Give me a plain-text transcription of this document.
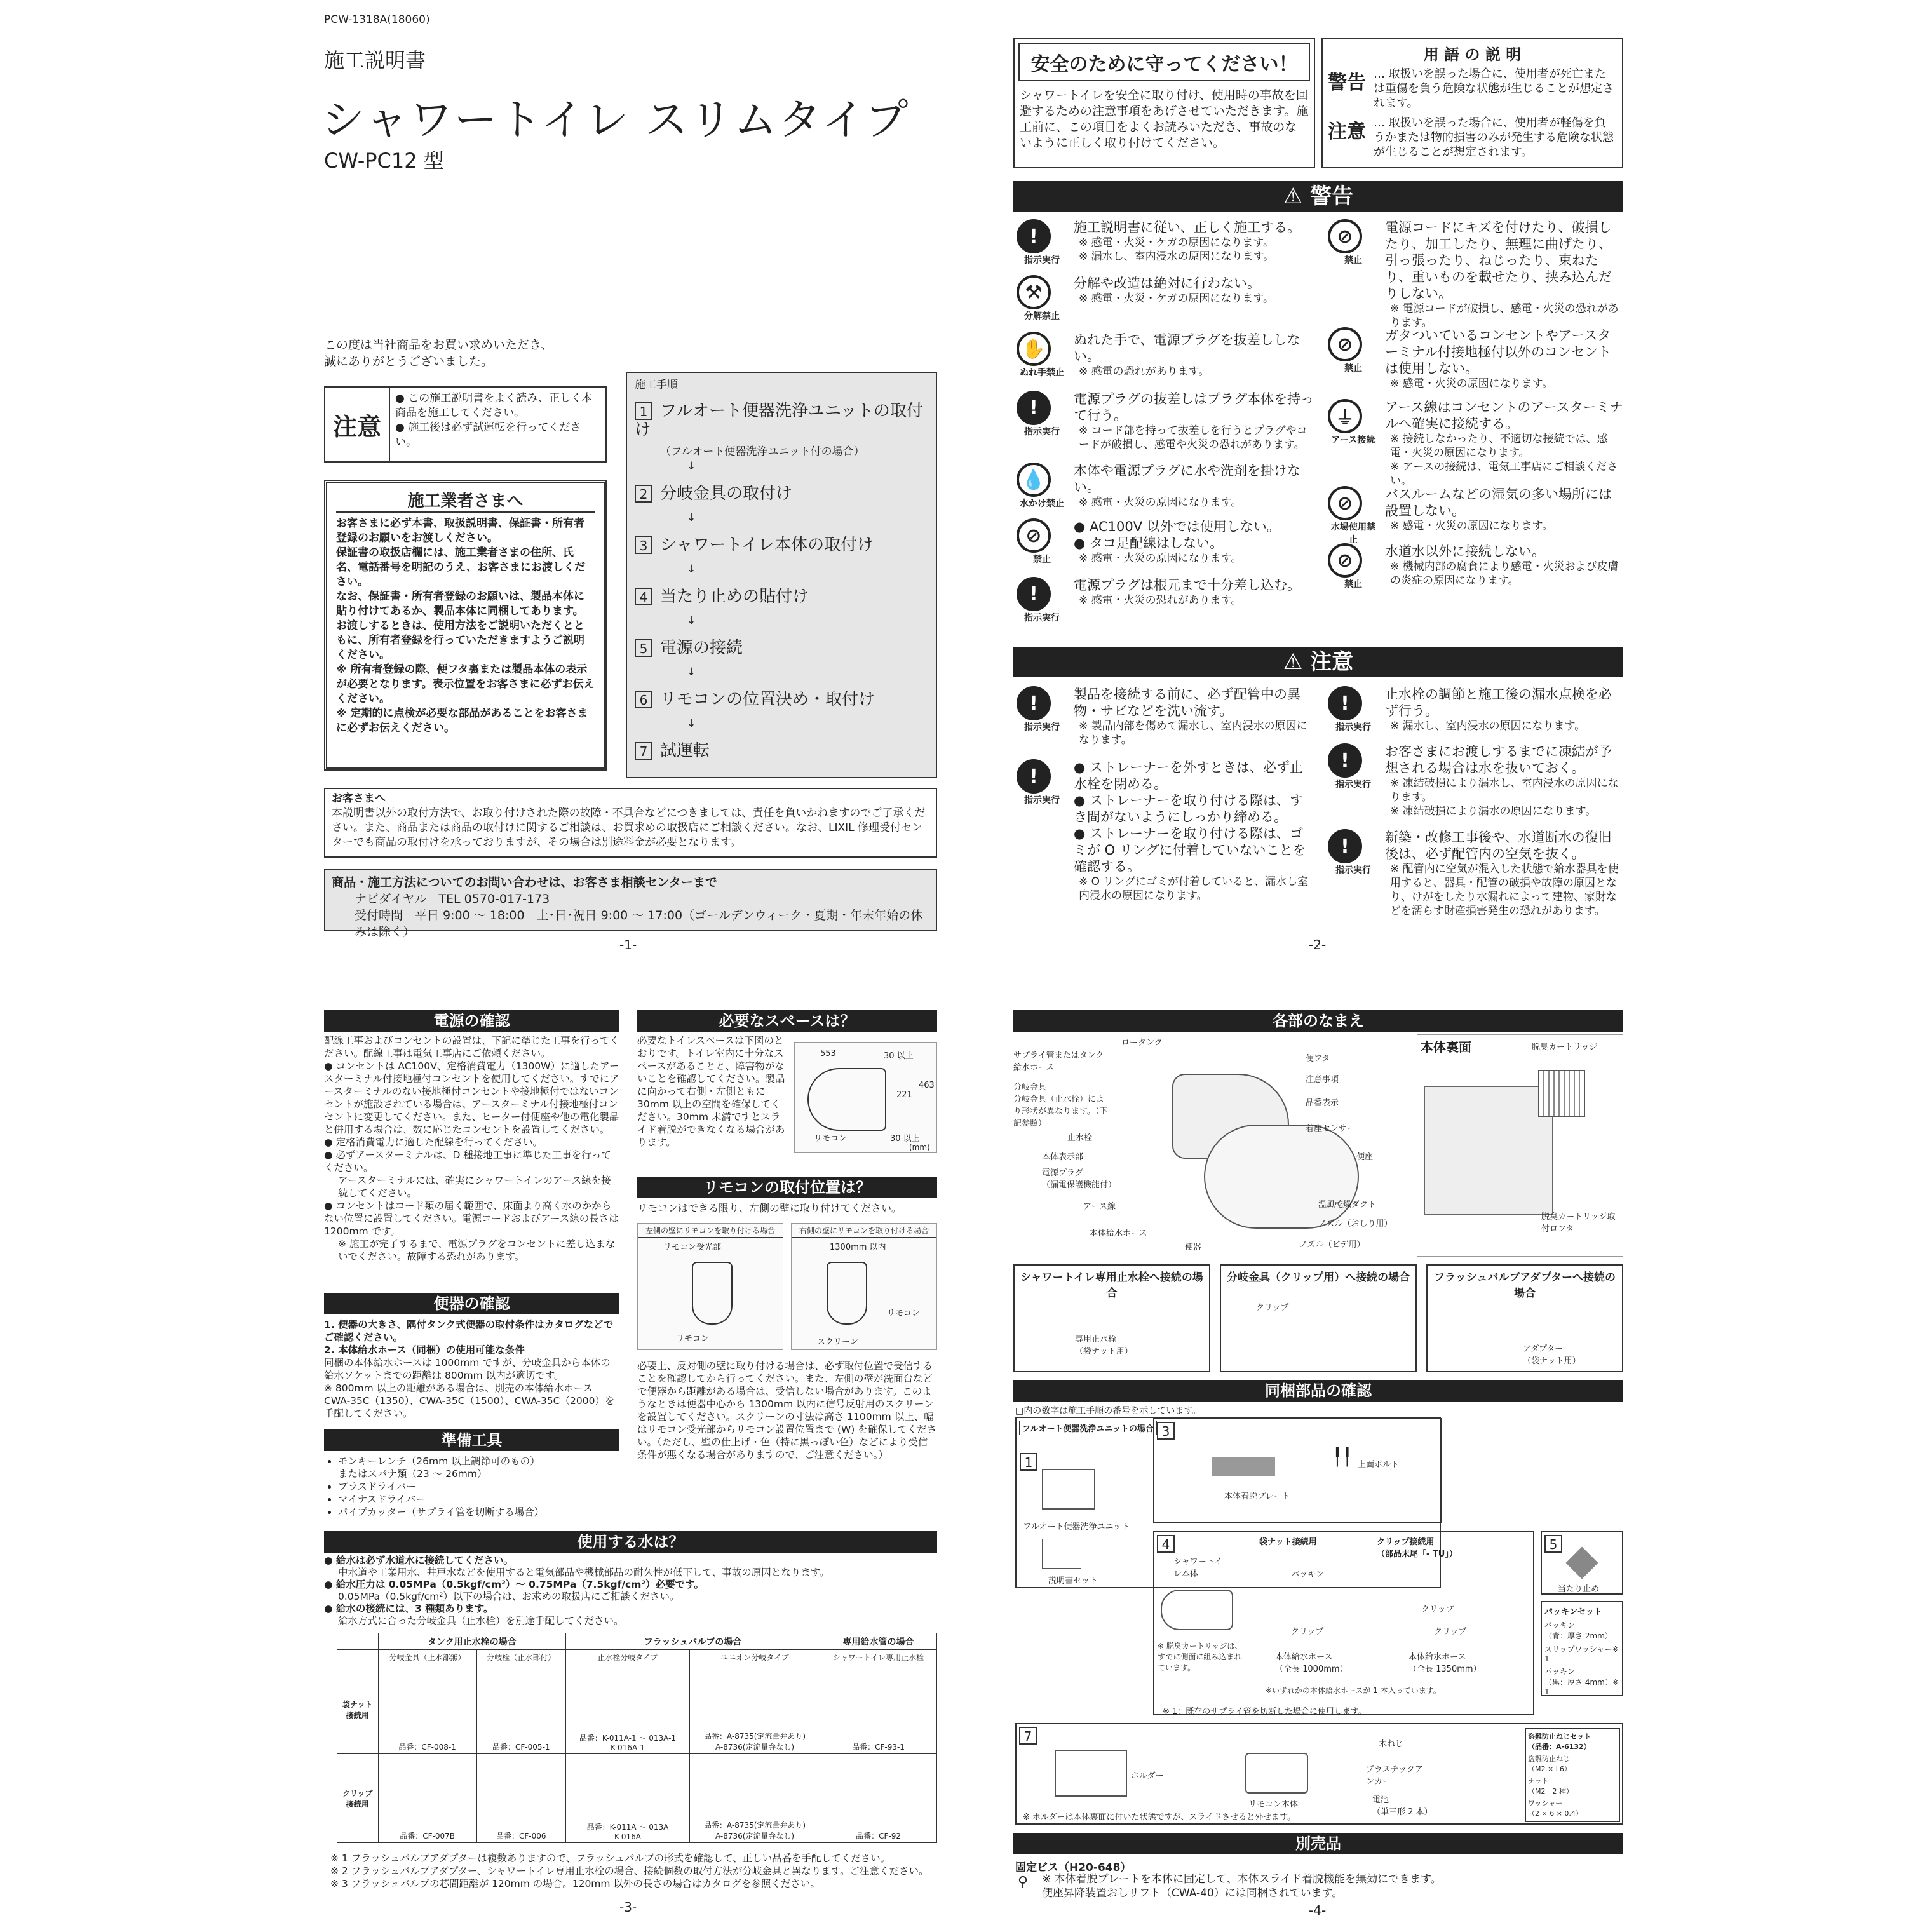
PCW-1318A(18060)
施工説明書
シャワートイレ スリムタイプ
CW-PC12 型
この度は当社商品をお買い求めいただき、
誠にありがとうございました。
注意
● この施工説明書をよく読み、正しく本商品を施工してください。
● 施工後は必ず試運転を行ってください。
施工業者さまへ
お客さまに必ず本書、取扱説明書、保証書・所有者登録のお願いをお渡しください。
保証書の取扱店欄には、施工業者さまの住所、氏名、電話番号を明記のうえ、お客さまにお渡しください。
なお、保証書・所有者登録のお願いは、製品本体に貼り付けてあるか、製品本体に同梱してあります。
お渡しするときは、使用方法をご説明いただくとともに、所有者登録を行っていただきますようご説明ください。
※ 所有者登録の際、便フタ裏または製品本体の表示が必要となります。表示位置をお客さまに必ずお伝えください。
※ 定期的に点検が必要な部品があることをお客さまに必ずお伝えください。
施工手順
1 フルオート便器洗浄ユニットの取付け
（フルオート便器洗浄ユニット付の場合）
↓
2 分岐金具の取付け
↓
3 シャワートイレ本体の取付け
↓
4 当たり止めの貼付け
↓
5 電源の接続
↓
6 リモコンの位置決め・取付け
↓
7 試運転
お客さまへ
本説明書以外の取付方法で、お取り付けされた際の故障・不具合などにつきましては、責任を負いかねますのでご了承ください。また、商品または商品の取付けに関するご相談は、お買求めの取扱店にご相談ください。なお、LIXIL 修理受付センターでも商品の取付けを承っておりますが、その場合は別途料金が必要となります。
商品・施工方法についてのお問い合わせは、お客さま相談センターまで
ナビダイヤル　TEL 0570-017-173
受付時間　平日 9:00 ～ 18:00　土･日･祝日 9:00 ～ 17:00（ゴールデンウィーク・夏期・年末年始の休みは除く）
-1-
安全のために守ってください！
シャワートイレを安全に取り付け、使用時の事故を回避するための注意事項をあげさせていただきます。施工前に、この項目をよくお読みいただき、事故のないように正しく取り付けてください。
用 語 の 説 明
警告 … 取扱いを誤った場合に、使用者が死亡または重傷を負う危険な状態が生じることが想定されます。
注意 … 取扱いを誤った場合に、使用者が軽傷を負うかまたは物的損害のみが発生する危険な状態が生じることが想定されます。
⚠ 警告
!
指示実行
施工説明書に従い、正しく施工する。
※ 感電・火災・ケガの原因になります。
※ 漏水し、室内浸水の原因になります。
⚒
分解禁止
分解や改造は絶対に行わない。
※ 感電・火災・ケガの原因になります。
✋
ぬれ手禁止
ぬれた手で、電源プラグを抜差ししない。
※ 感電の恐れがあります。
!
指示実行
電源プラグの抜差しはプラグ本体を持って行う。
※ コード部を持って抜差しを行うとプラグやコードが破損し、感電や火災の恐れがあります。
💧
水かけ禁止
本体や電源プラグに水や洗剤を掛けない。
※ 感電・火災の原因になります。
⊘
禁止
● AC100V 以外では使用しない。
● タコ足配線はしない。
※ 感電・火災の原因になります。
!
指示実行
電源プラグは根元まで十分差し込む。
※ 感電・火災の恐れがあります。
⊘
禁止
電源コードにキズを付けたり、破損したり、加工したり、無理に曲げたり、引っ張ったり、ねじったり、束ねたり、重いものを載せたり、挟み込んだりしない。
※ 電源コードが破損し、感電・火災の恐れがあります。
⊘
禁止
ガタついているコンセントやアースターミナル付接地極付以外のコンセントは使用しない。
※ 感電・火災の原因になります。
⏚
アース接続
アース線はコンセントのアースターミナルへ確実に接続する。
※ 接続しなかったり、不適切な接続では、感電・火災の原因になります。
※ アースの接続は、電気工事店にご相談ください。
⊘
水場使用禁止
バスルームなどの湿気の多い場所には設置しない。
※ 感電・火災の原因になります。
⊘
禁止
水道水以外に接続しない。
※ 機械内部の腐食により感電・火災および皮膚の炎症の原因になります。
⚠ 注意
!
指示実行
製品を接続する前に、必ず配管中の異物・サビなどを洗い流す。
※ 製品内部を傷めて漏水し、室内浸水の原因になります。
!
指示実行
● ストレーナーを外すときは、必ず止水栓を閉める。
● ストレーナーを取り付ける際は、すき間がないようにしっかり締める。
● ストレーナーを取り付ける際は、ゴミが O リングに付着していないことを確認する。
※ O リングにゴミが付着していると、漏水し室内浸水の原因になります。
!
指示実行
止水栓の調節と施工後の漏水点検を必ず行う。
※ 漏水し、室内浸水の原因になります。
!
指示実行
お客さまにお渡しするまでに凍結が予想される場合は水を抜いておく。
※ 凍結破損により漏水し、室内浸水の原因になります。
※ 凍結破損により漏水の原因になります。
!
指示実行
新築・改修工事後や、水道断水の復旧後は、必ず配管内の空気を抜く。
※ 配管内に空気が混入した状態で給水器具を使用すると、器具・配管の破損や故障の原因となり、けがをしたり水漏れによって建物、家財などを濡らす財産損害発生の恐れがあります。
-2-
電源の確認
配線工事およびコンセントの設置は、下記に準じた工事を行ってください。配線工事は電気工事店にご依頼ください。
● コンセントは AC100V、定格消費電力（1300W）に適したアースターミナル付接地極付コンセントを使用してください。すでにアースターミナルのない接地極付コンセントや接地極付ではないコンセントが施設されている場合は、アースターミナル付接地極付コンセントに変更してください。また、ヒーター付便座や他の電化製品と併用する場合は、数に応じたコンセントを設置してください。
● 定格消費電力に適した配線を行ってください。
● 必ずアースターミナルは、D 種接地工事に準じた工事を行ってください。
アースターミナルには、確実にシャワートイレのアース線を接続してください。
● コンセントはコード類の届く範囲で、床面より高く水のかからない位置に設置してください。電源コードおよびアース線の長さは 1200mm です。
※ 施工が完了するまで、電源プラグをコンセントに差し込まないでください。故障する恐れがあります。
便器の確認
1. 便器の大きさ、隅付タンク式便器の取付条件はカタログなどでご確認ください。
2. 本体給水ホース（同梱）の使用可能な条件
同梱の本体給水ホースは 1000mm ですが、分岐金具から本体の給水ソケットまでの距離は 800mm 以内が適切です。
※ 800mm 以上の距離がある場合は、別売の本体給水ホース CWA-35C（1350）、CWA-35C（1500）、CWA-35C（2000）を手配してください。
準備工具
• モンキーレンチ（26mm 以上調節可のもの）
またはスパナ類（23 ～ 26mm）
• プラスドライバー
• マイナスドライバー
• パイプカッター（サプライ管を切断する場合）
必要なスペースは？
必要なトイレスペースは下図のとおりです。トイレ室内に十分なスペースがあることと、障害物がないことを確認してください。製品に向かって右側・左側ともに 30mm 以上の空間を確保してください。30mm 未満ですとスライド着脱ができなくなる場合があります。
553	30 以上
463
221
30 以上
リモコン
(mm)
リモコンの取付位置は？
リモコンはできる限り、左側の壁に取り付けてください。
左側の壁にリモコンを取り付ける場合
リモコン受光部
リモコン
右側の壁にリモコンを取り付ける場合
1300mm 以内
リモコン
スクリーン
必要上、反対側の壁に取り付ける場合は、必ず取付位置で受信することを確認してから行ってください。また、左側の壁が洗面台などで便器から距離がある場合は、受信しない場合があります。このようなときは便器中心から 1300mm 以内に信号反射用のスクリーンを設置してください。スクリーンの寸法は高さ 1100mm 以上、幅はリモコン受光部からリモコン設置位置まで (W) を確保してください。（ただし、壁の仕上げ・色（特に黒っぽい色）などにより受信条件が悪くなる場合がありますので、ご注意ください。）
使用する水は？
● 給水は必ず水道水に接続してください。
中水道や工業用水、井戸水などを使用すると電気部品や機械部品の耐久性が低下して、事故の原因となります。
● 給水圧力は 0.05MPa（0.5kgf/cm²）～ 0.75MPa（7.5kgf/cm²）必要です。
0.05MPa（0.5kgf/cm²）以下の場合は、お求めの取扱店にご相談ください。
● 給水の接続には、3 種類あります。
給水方式に合った分岐金具（止水栓）を別途手配してください。
	タンク用止水栓の場合		フラッシュバルブの場合		専用給水管の場合
	分岐金具（止水部無）	分岐栓（止水部付）	止水栓分岐タイプ	ユニオン分岐タイプ	シャワートイレ専用止水栓
袋ナット接続用	品番：CF-008-1	品番：CF-005-1	品番：K-011A-1 ～ 013A-1
K-016A-1	品番：A-8735(定流量弁あり)
A-8736(定流量弁なし)	品番：CF-93-1
クリップ接続用	品番：CF-007B	品番：CF-006	品番：K-011A ～ 013A
K-016A	品番：A-8735(定流量弁あり)
A-8736(定流量弁なし)	品番：CF-92
※ 1 フラッシュバルブアダプターは複数ありますので、フラッシュバルブの形式を確認して、正しい品番を手配してください。
※ 2 フラッシュバルブアダプター、シャワートイレ専用止水栓の場合、接続個数の取付方法が分岐金具と異なります。ご注意ください。
※ 3 フラッシュバルブの芯間距離が 120mm の場合。120mm 以外の長さの場合はカタログを参照ください。
-3-
各部のなまえ
ロータンク
サプライ管またはタンク給水ホース
分岐金具
分岐金具（止水栓）により形状が異なります。（下記参照）
止水栓
本体表示部
電源プラグ
（漏電保護機能付）
アース線
本体給水ホース
便器
便フタ
注意事項
品番表示
着座センサー
便座
温風乾燥ダクト
ノズル（おしり用）
ノズル（ビデ用）
本体裏面	脱臭カートリッジ
脱臭カートリッジ取付ロフタ
シャワートイレ専用止水栓へ接続の場合
専用止水栓
（袋ナット用）
分岐金具（クリップ用）へ接続の場合
クリップ
フラッシュバルブアダプターへ接続の場合
アダプター
（袋ナット用）
同梱部品の確認
□内の数字は施工手順の番号を示しています。
フルオート便器洗浄ユニットの場合
1
フルオート便器洗浄ユニット
説明書セット
3
本体着脱プレート
╿╿ 上面ボルト
4
シャワートイレ本体
※ 脱臭カートリッジは、すでに側面に組み込まれています。
袋ナット接続用
パッキン
クリップ
本体給水ホース
（全長 1000mm）
クリップ接続用
（部品末尾「- TU」）
クリップ
クリップ
本体給水ホース
（全長 1350mm）
※いずれかの本体給水ホースが 1 本入っています。
5
当たり止め
パッキンセット
パッキン
（青：厚さ 2mm）
スリップワッシャー※ 1
パッキン
（黒：厚さ 4mm）※ 1
※ 1：既存のサプライ管を切断した場合に使用します。
7
ホルダー
リモコン本体
木ねじ
プラスチックアンカー
電池
（単三形 2 本）
盗難防止ねじセット
（品番：A-6132）
盗難防止ねじ
（M2 × L6）
ナット
（M2　2 種）
ワッシャー
（2 × 6 × 0.4）
※ ホルダーは本体裏面に付いた状態ですが、スライドさせると外せます。
別売品
固定ビス（H20-648）
⚲ ※ 本体着脱プレートを本体に固定して、本体スライド着脱機能を無効にできます。
便座昇降装置おしリフト（CWA-40）には同梱されています。
-4-
